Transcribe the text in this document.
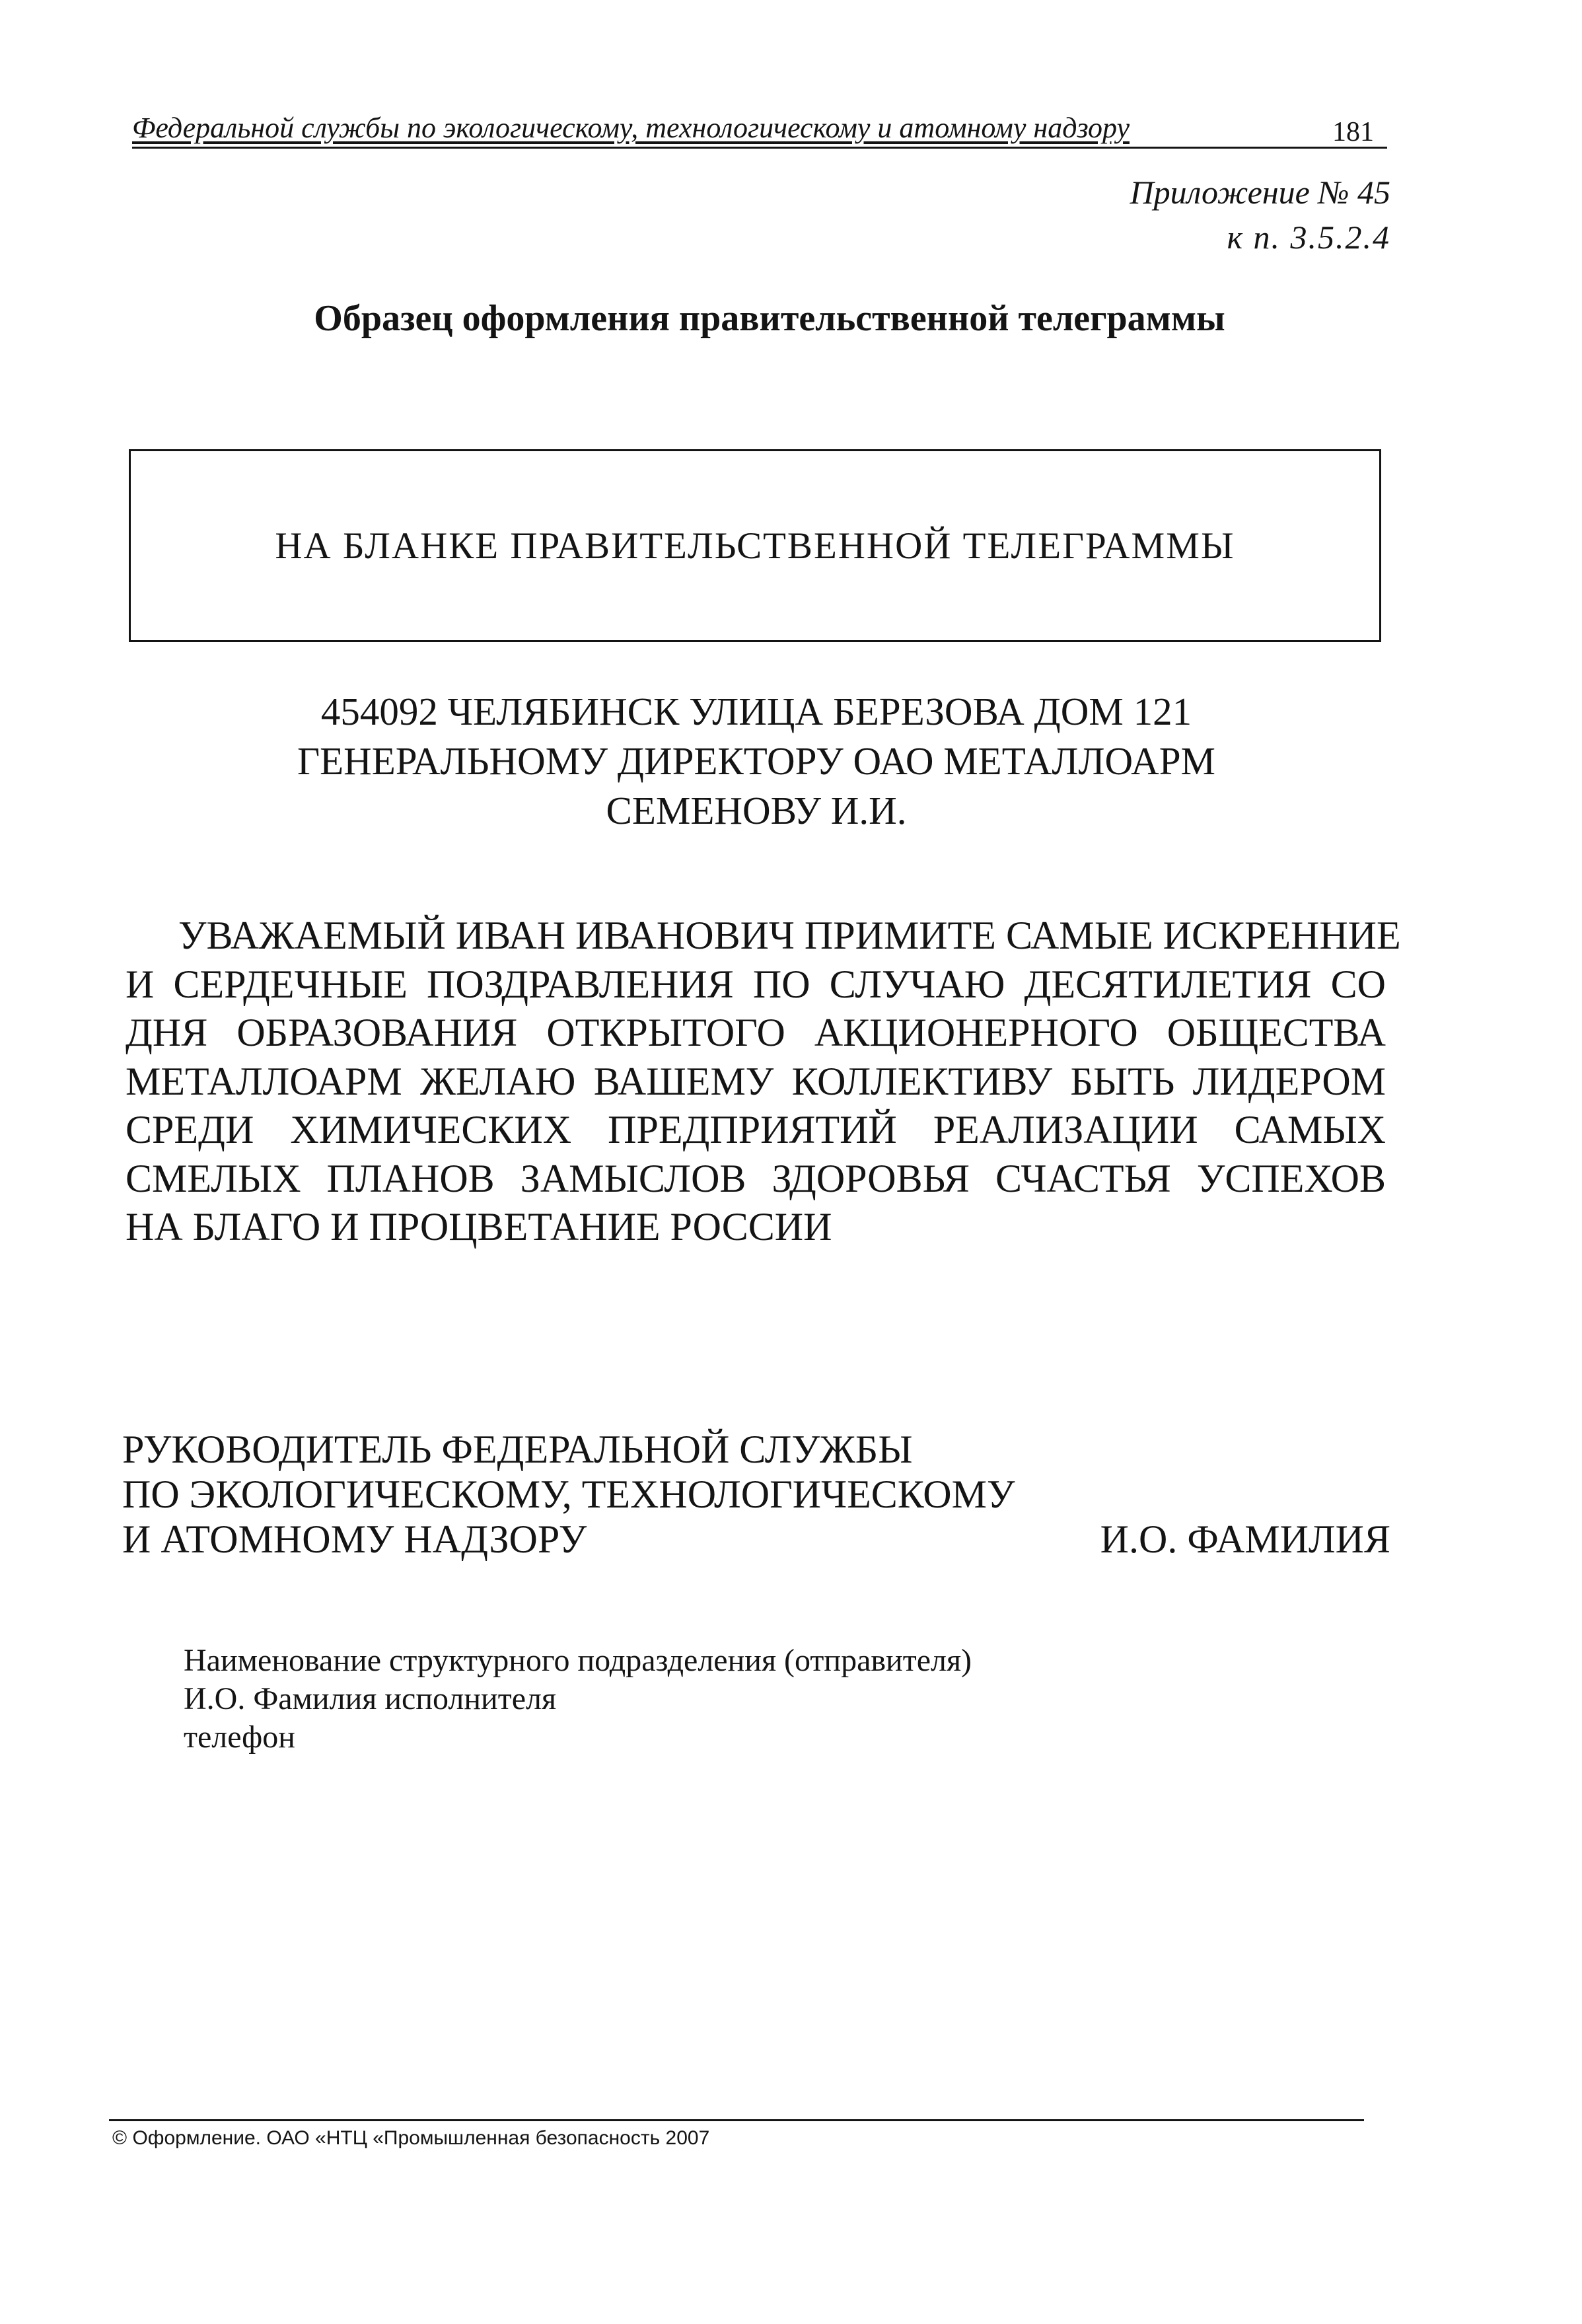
Федеральной службы по экологическому, технологическому и атомному надзору	181
Приложение № 45
к п. 3.5.2.4
Образец оформления правительственной телеграммы
НА БЛАНКЕ ПРАВИТЕЛЬСТВЕННОЙ ТЕЛЕГРАММЫ
454092 ЧЕЛЯБИНСК УЛИЦА БЕРЕЗОВА ДОМ 121
ГЕНЕРАЛЬНОМУ ДИРЕКТОРУ ОАО МЕТАЛЛОАРМ
СЕМЕНОВУ И.И.
УВАЖАЕМЫЙ ИВАН ИВАНОВИЧ ПРИМИТЕ САМЫЕ ИСКРЕННИЕ
И СЕРДЕЧНЫЕ ПОЗДРАВЛЕНИЯ ПО СЛУЧАЮ ДЕСЯТИЛЕТИЯ СО
ДНЯ ОБРАЗОВАНИЯ ОТКРЫТОГО АКЦИОНЕРНОГО ОБЩЕСТВА
МЕТАЛЛОАРМ ЖЕЛАЮ ВАШЕМУ КОЛЛЕКТИВУ БЫТЬ ЛИДЕРОМ
СРЕДИ ХИМИЧЕСКИХ ПРЕДПРИЯТИЙ РЕАЛИЗАЦИИ САМЫХ
СМЕЛЫХ ПЛАНОВ ЗАМЫСЛОВ ЗДОРОВЬЯ СЧАСТЬЯ УСПЕХОВ
НА БЛАГО И ПРОЦВЕТАНИЕ РОССИИ
РУКОВОДИТЕЛЬ ФЕДЕРАЛЬНОЙ СЛУЖБЫ
ПО ЭКОЛОГИЧЕСКОМУ, ТЕХНОЛОГИЧЕСКОМУ
И АТОМНОМУ НАДЗОРУ	И.О. ФАМИЛИЯ
Наименование структурного подразделения (отправителя)
И.О. Фамилия исполнителя
телефон
© Оформление. ОАО «НТЦ «Промышленная безопасность 2007
